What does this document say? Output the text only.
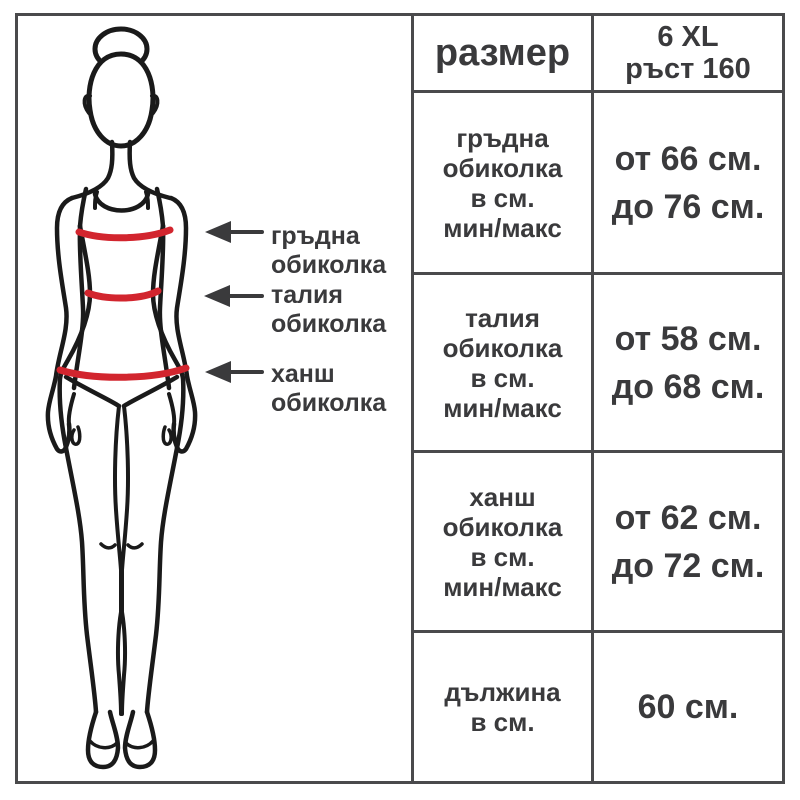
гръдна
обиколка
талия
обиколка
ханш
обиколка
размер	6 XL
ръст 160
гръдна
обиколка
в см.
мин/макс
от 66 см.
до 76 см.
талия
обиколка
в см.
мин/макс
от 58 см.
до 68 см.
ханш
обиколка
в см.
мин/макс
от 62 см.
до 72 см.
дължина
в см.	60 см.
